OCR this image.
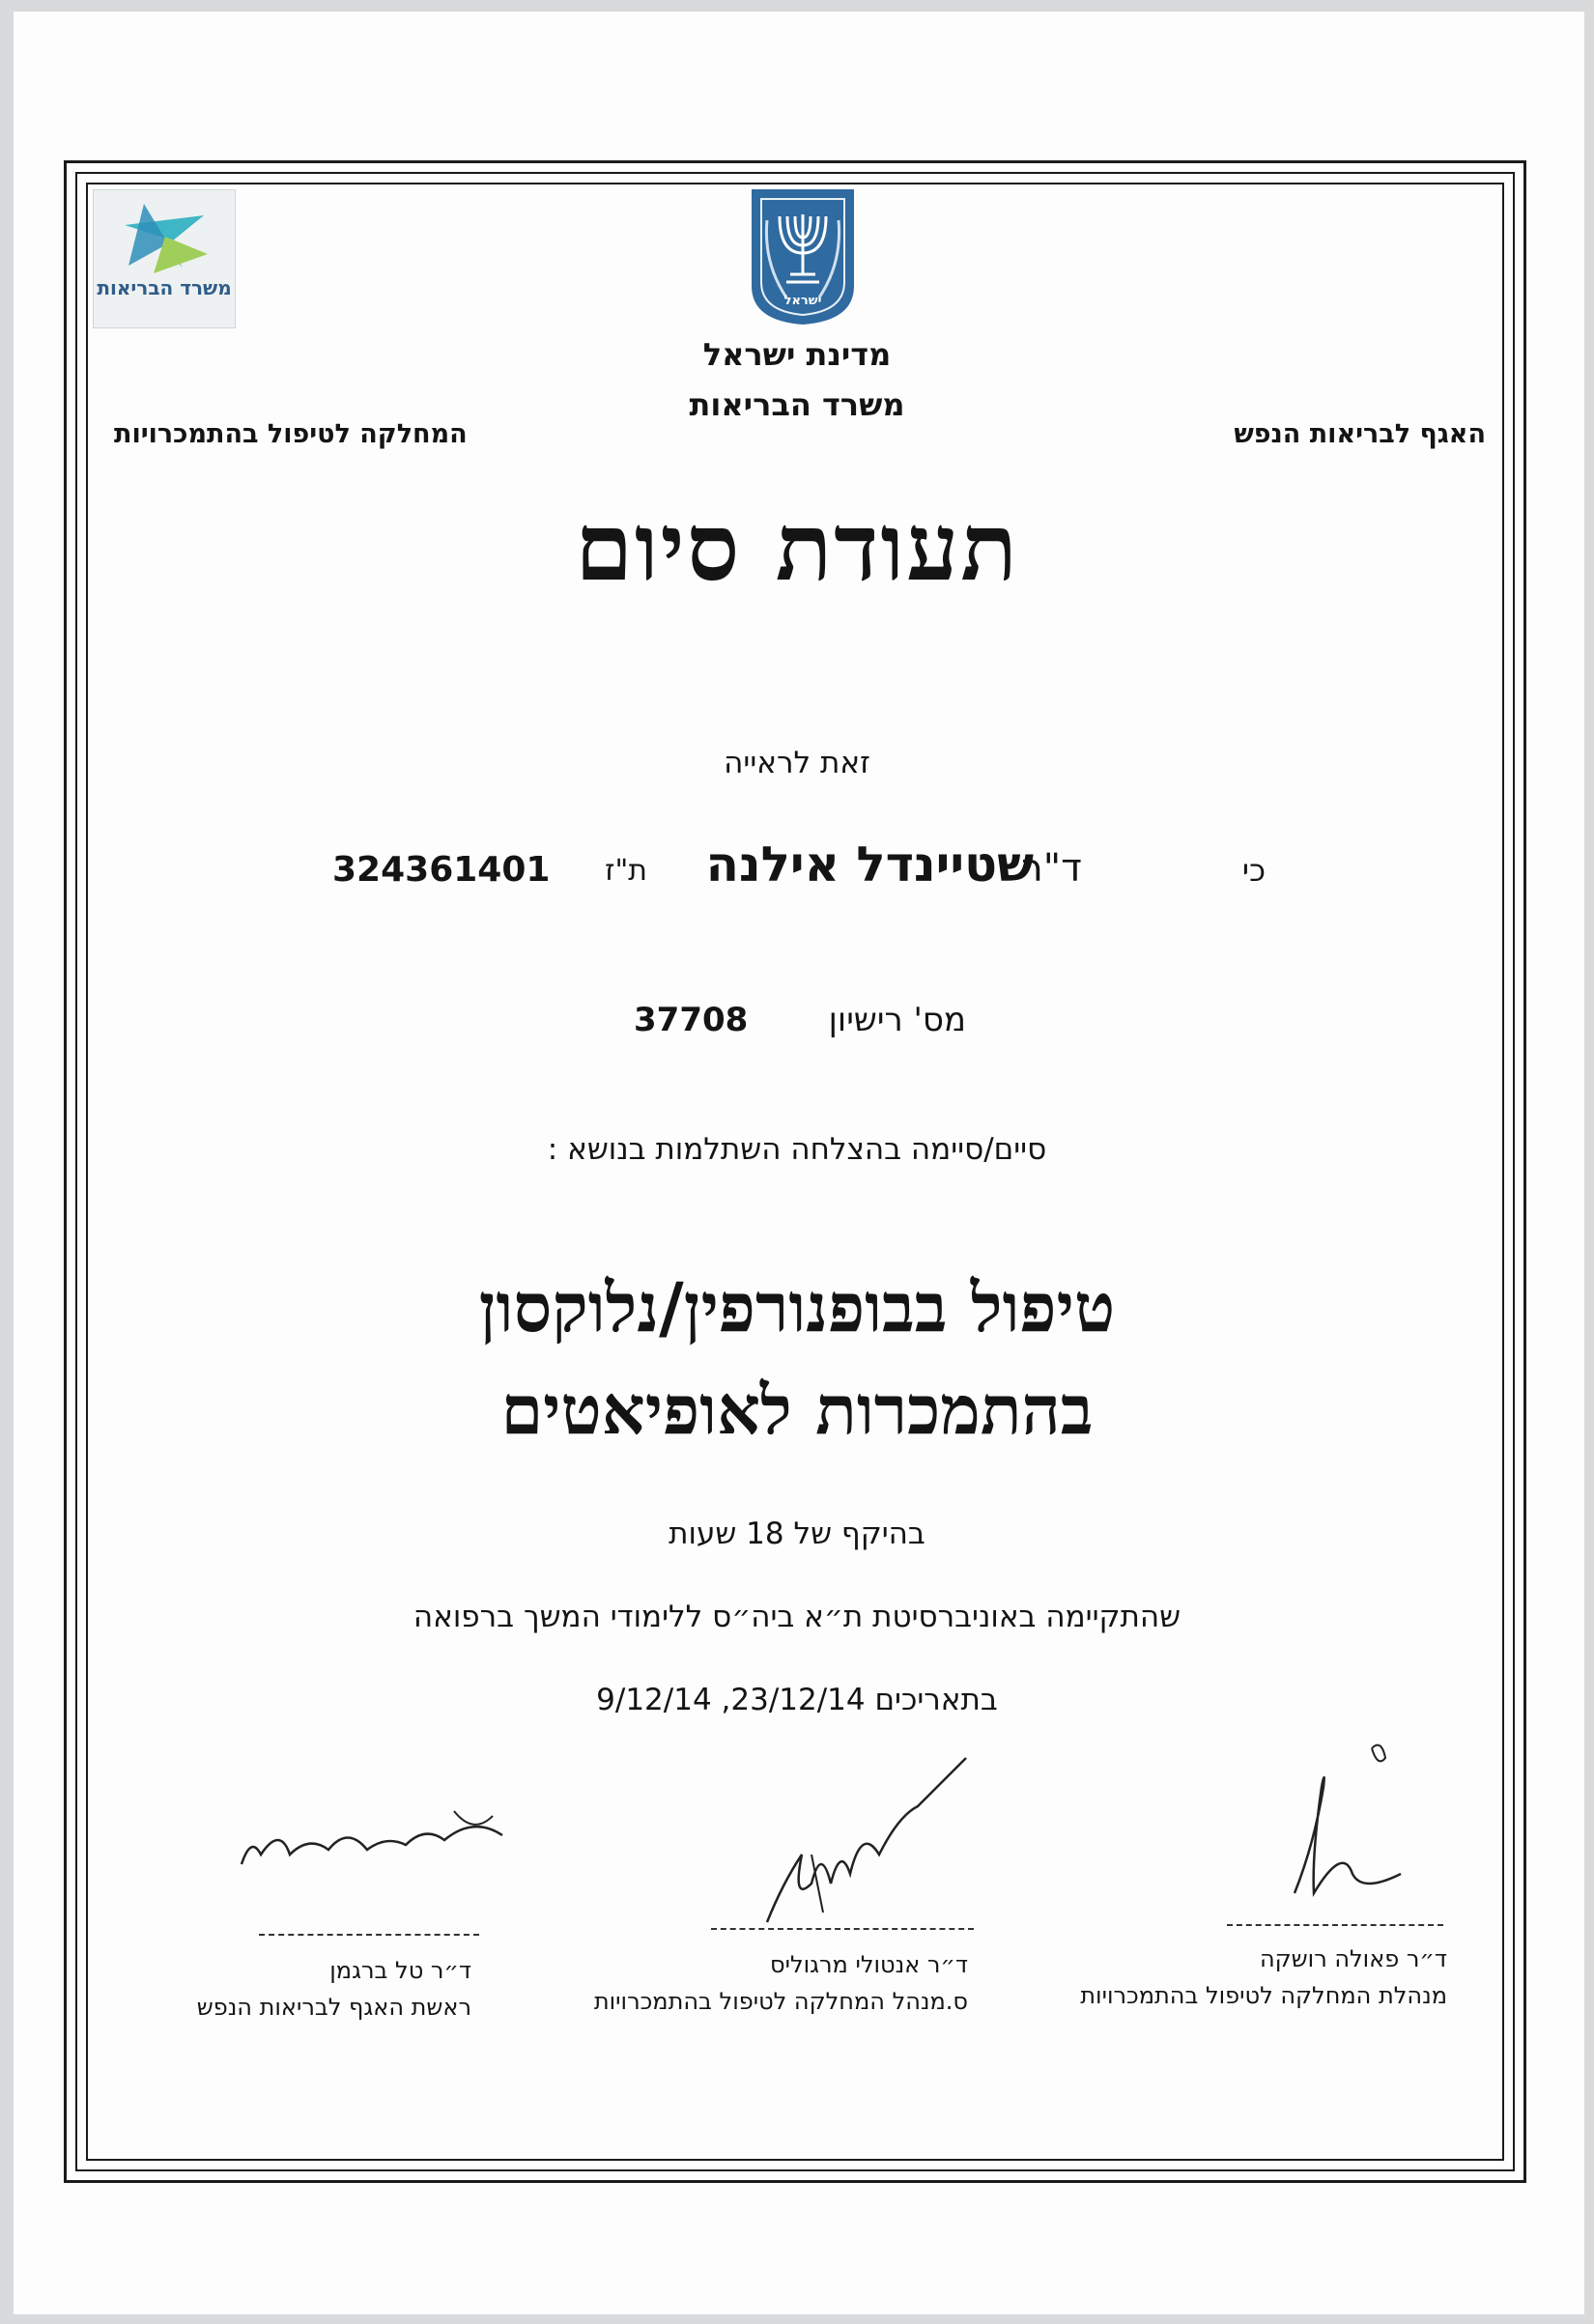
משרד הבריאות
ישראל
מדינת ישראל
משרד הבריאות
האגף לבריאות הנפש
המחלקה לטיפול בהתמכרויות
תעודת סיום
זאת לראייה
כי
ד"ר
שטיינדל אילנה
ת"ז
324361401
מס' רישיון
37708
סיים/סיימה בהצלחה השתלמות בנושא :
טיפול בבופנורפין/נלוקסון
בהתמכרות לאופיאטים
בהיקף של 18 שעות
שהתקיימה באוניברסיטת ת״א ביה״ס ללימודי המשך ברפואה
בתאריכים 23/12/14, 9/12/14
ד״ר פאולה רושקה
מנהלת המחלקה לטיפול בהתמכרויות
ד״ר אנטולי מרגוליס
ס.מנהל המחלקה לטיפול בהתמכרויות
ד״ר טל ברגמן
ראשת האגף לבריאות הנפש
